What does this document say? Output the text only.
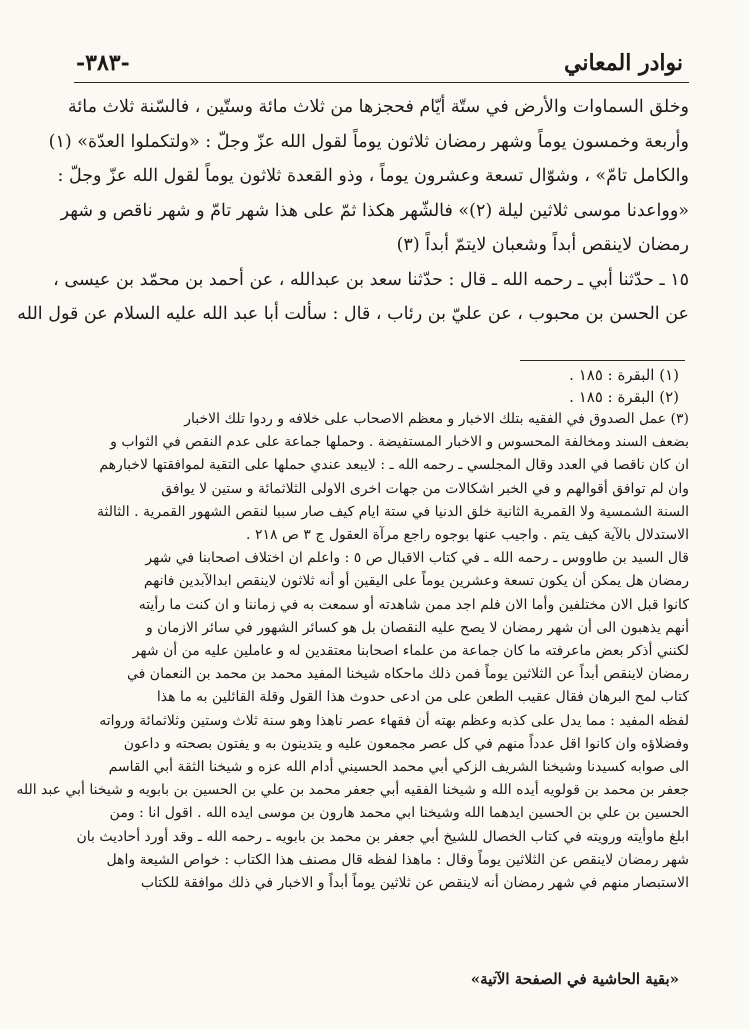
نوادر المعاني
-٣٨٣-
وخلق السماوات والأرض في ستّة أيّام فحجزها من ثلاث مائة وستّين ، فالسّنة ثلاث مائة
وأربعة وخمسون يوماً وشهر رمضان ثلاثون يوماً لقول الله عزّ وجلّ : «ولتكملوا العدّة» (١)
والكامل تامّ» ، وشوّال تسعة وعشرون يوماً ، وذو القعدة ثلاثون يوماً لقول الله عزّ وجلّ :
«وواعدنا موسى ثلاثين ليلة (٢)» فالشّهر هكذا ثمّ على هذا شهر تامّ و شهر ناقص و شهر
رمضان لاينقص أبداً وشعبان لايتمّ أبداً (٣)
١٥ ـ حدّثنا أبي ـ رحمه الله ـ قال : حدّثنا سعد بن عبدالله ، عن أحمد بن محمّد بن عيسى ،
عن الحسن بن محبوب ، عن عليّ بن رئاب ، قال : سألت أبا عبد الله عليه السلام عن قول الله
(١) البقرة : ١٨٥ .
(٢) البقرة : ١٨٥ .
(٣) عمل الصدوق في الفقيه بتلك الاخبار و معظم الاصحاب على خلافه و ردوا تلك الاخبار
بضعف السند ومخالفة المحسوس و الاخبار المستفيضة . وحملها جماعة على عدم النقص في الثواب و
ان كان ناقصا في العدد وقال المجلسي ـ رحمه الله ـ : لايبعد عندي حملها على التقية لموافقتها لاخبارهم
وان لم توافق أقوالهم و في الخبر اشكالات من جهات اخرى الاولى الثلاثمائة و ستين لا يوافق
السنة الشمسية ولا القمرية الثانية خلق الدنيا في ستة ايام كيف صار سببا لنقص الشهور القمرية . الثالثة
الاستدلال بالآية كيف يتم . واجيب عنها بوجوه راجع مرآة العقول ج ٣ ص ٢١٨ .
قال السيد بن طاووس ـ رحمه الله ـ في كتاب الاقبال ص ٥ : واعلم ان اختلاف اصحابنا في شهر
رمضان هل يمكن أن يكون تسعة وعشرين يوماً على اليقين أو أنه ثلاثون لاينقص ابدالآبدين فانهم
كانوا قبل الان مختلفين وأما الان فلم اجد ممن شاهدته أو سمعت به في زماننا و ان كنت ما رأيته
أنهم يذهبون الى أن شهر رمضان لا يصح عليه النقصان بل هو كسائر الشهور في سائر الازمان و
لكنني أذكر بعض ماعرفته ما كان جماعة من علماء اصحابنا معتقدين له و عاملين عليه من أن شهر
رمضان لاينقص أبداً عن الثلاثين يوماً فمن ذلك ماحكاه شيخنا المفيد محمد بن محمد بن النعمان في
كتاب لمح البرهان فقال عقيب الطعن على من ادعى حدوث هذا القول وقلة القائلين به ما هذا
لفظه المفيد : مما يدل على كذبه وعظم بهته أن فقهاء عصر ناهذا وهو سنة ثلاث وستين وثلاثمائة ورواته
وفضلاؤه وان كانوا اقل عدداً منهم في كل عصر مجمعون عليه و يتدينون به و يفتون بصحته و داعون
الى صوابه كسيدنا وشيخنا الشريف الزكي أبي محمد الحسيني أدام الله عزه و شيخنا الثقة أبي القاسم
جعفر بن محمد بن قولويه أيده الله و شيخنا الفقيه أبي جعفر محمد بن علي بن الحسين بن بابويه و شيخنا أبي عبد الله
الحسين بن علي بن الحسين ايدهما الله وشيخنا ابي محمد هارون بن موسى ايده الله . اقول انا : ومن
ابلغ ماوأيته ورويته في كتاب الخصال للشيخ أبي جعفر بن محمد بن بابويه ـ رحمه الله ـ وقد أورد أحاديث بان
شهر رمضان لاينقص عن الثلاثين يوماً وقال : ماهذا لفظه قال مصنف هذا الكتاب : خواص الشيعة واهل
الاستبصار منهم في شهر رمضان أنه لاينقص عن ثلاثين يوماً أبداً و الاخبار في ذلك موافقة للكتاب
«بقية الحاشية في الصفحة الآتية»
